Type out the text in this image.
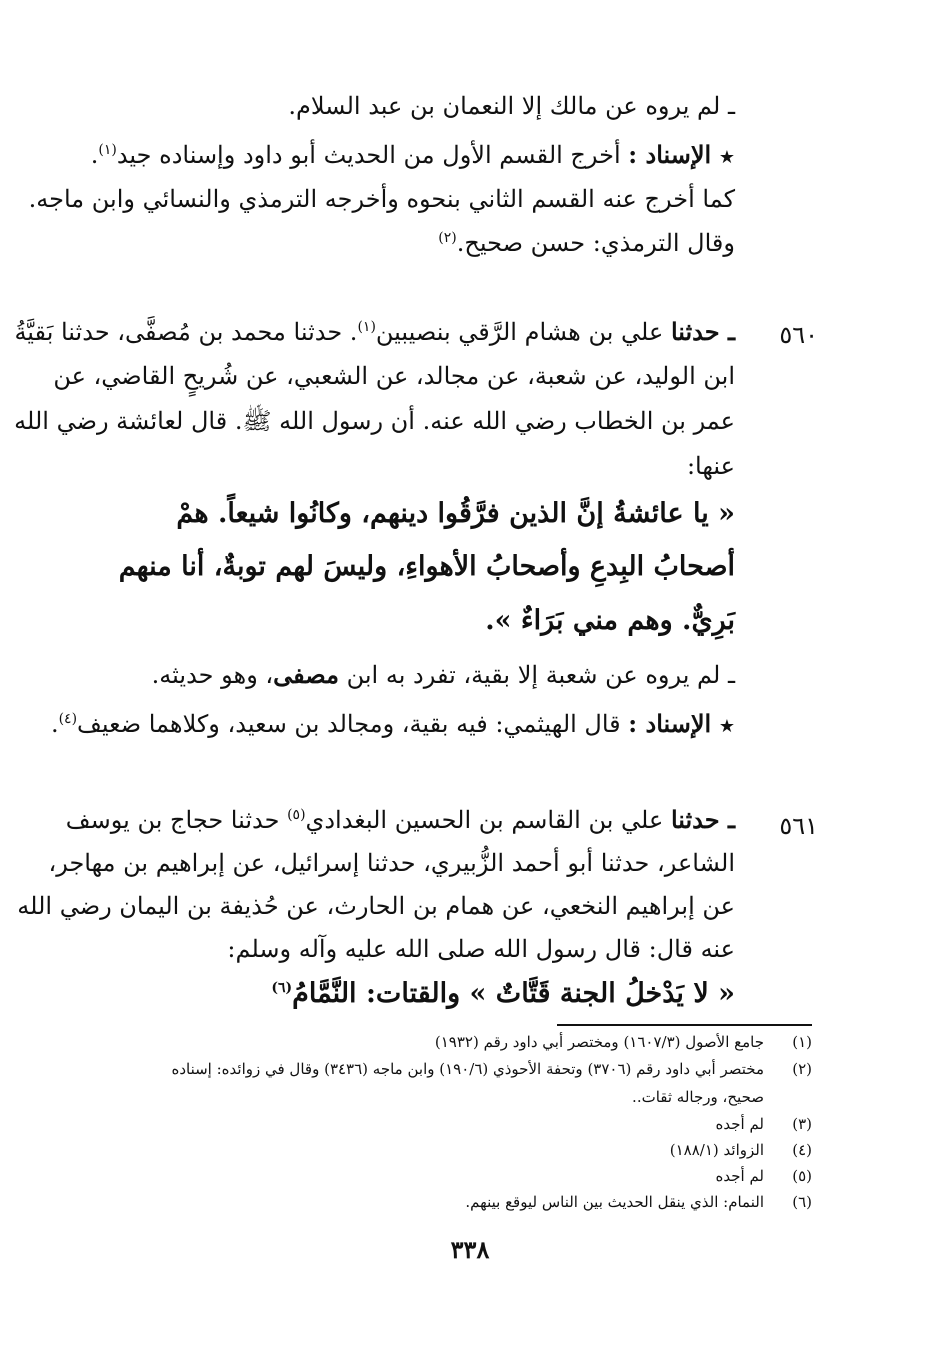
ـ لم يروه عن مالك إلا النعمان بن عبد السلام.
★ الإسناد : أخرج القسم الأول من الحديث أبو داود وإسناده جيد$^{(١)}$.
كما أخرج عنه القسم الثاني بنحوه وأخرجه الترمذي والنسائي وابن ماجه.
وقال الترمذي: حسن صحيح.$^{(٢)}$
٥٦٠
ـ حدثنا علي بن هشام الرَّقي بنصيبين$^{(١)}$. حدثنا محمد بن مُصفَّى، حدثنا بَقيَّةُ
ابن الوليد، عن شعبة، عن مجالد، عن الشعبي، عن شُريحٍ القاضي، عن
عمر بن الخطاب رضي الله عنه. أن رسول الله ﷺ. قال لعائشة رضي الله
عنها:
« يا عائشةُ إنَّ الذين فرَّقُوا دينهم، وكانُوا شيعاً. همْ
أصحابُ البِدعِ وأصحابُ الأهواءِ، وليسَ لهم توبةٌ، أنا منهم
بَرِيٌّ. وهم مني بَرَاءٌ ».
ـ لم يروه عن شعبة إلا بقية، تفرد به ابن مصفى، وهو حديثه.
★ الإسناد : قال الهيثمي: فيه بقية، ومجالد بن سعيد، وكلاهما ضعيف$^{(٤)}$.
٥٦١
ـ حدثنا علي بن القاسم بن الحسين البغدادي$^{(٥)}$ حدثنا حجاج بن يوسف
الشاعر، حدثنا أبو أحمد الزُّبيري، حدثنا إسرائيل، عن إبراهيم بن مهاجر،
عن إبراهيم النخعي، عن همام بن الحارث، عن حُذيفة بن اليمان رضي الله
عنه قال: قال رسول الله صلى الله عليه وآله وسلم:
« لا يَدْخلُ الجنة قَتَّاتٌ » والقتات: النَّمَّامُ$^{(٦)}$
(١)
جامع الأصول (١٦٠٧/٣) ومختصر أبي داود رقم (١٩٣٢)
(٢)
مختصر أبي داود رقم (٣٧٠٦) وتحفة الأحوذي (١٩٠/٦) وابن ماجه (٣٤٣٦) وقال في زوائده: إسناده
صحيح، ورجاله ثقات..
(٣)
لم أجده
(٤)
الزوائد (١٨٨/١)
(٥)
لم أجده
(٦)
النمام: الذي ينقل الحديث بين الناس ليوقع بينهم.
٣٣٨
